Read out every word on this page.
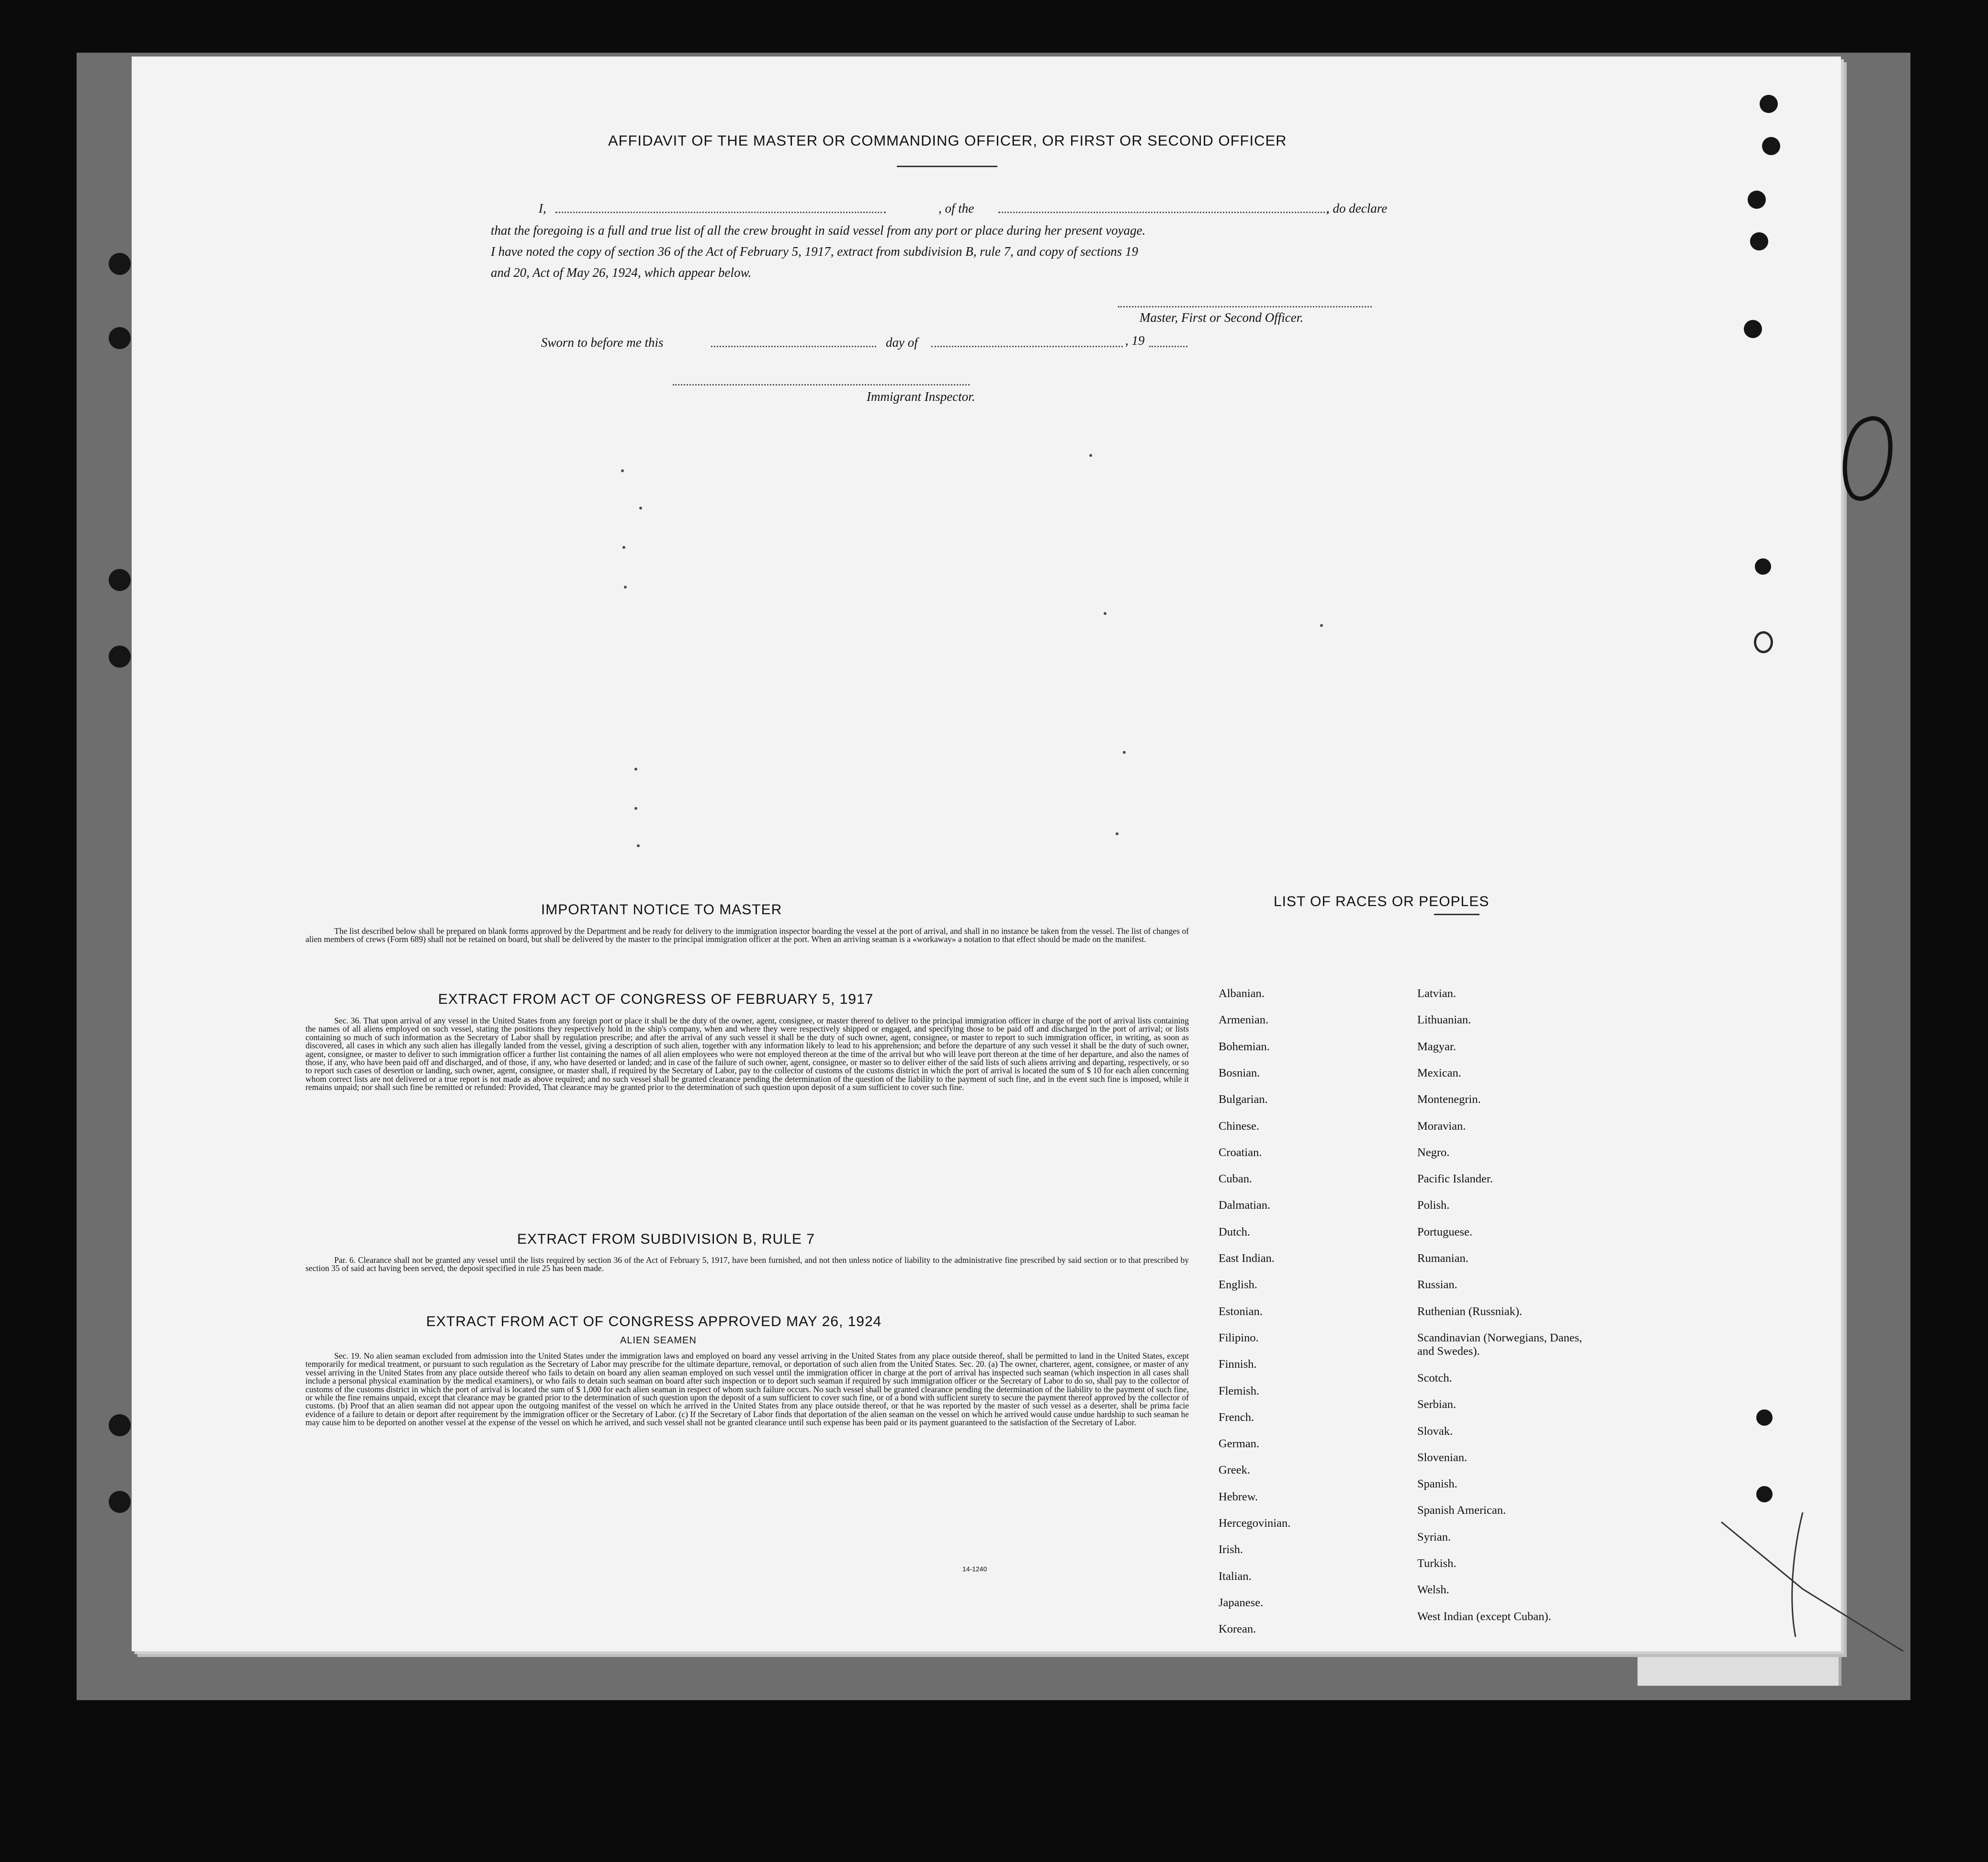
AFFIDAVIT OF THE MASTER OR COMMANDING OFFICER, OR FIRST OR SECOND OFFICER
I,	, of the	, do declare
that the foregoing is a full and true list of all the crew brought in said vessel from any port or place during her present voyage.
I have noted the copy of section 36 of the Act of February 5, 1917, extract from subdivision B, rule 7, and copy of sections 19
and 20, Act of May 26, 1924, which appear below.
Master, First or Second Officer.
Sworn to before me this	day of	, 19
Immigrant Inspector.
IMPORTANT NOTICE TO MASTER

The list described below shall be prepared on blank forms approved by the Department and be ready for delivery to the immigration inspector boarding the vessel at the port of arrival, and shall in no instance be taken from the vessel. The list of changes of alien members of crews (Form 689) shall not be retained on board, but shall be delivered by the master to the principal immigration officer at the port. When an arriving seaman is a «workaway» a notation to that effect should be made on the manifest.

EXTRACT FROM ACT OF CONGRESS OF FEBRUARY 5, 1917

Sec. 36. That upon arrival of any vessel in the United States from any foreign port or place it shall be the duty of the owner, agent, consignee, or master thereof to deliver to the principal immigration officer in charge of the port of arrival lists containing the names of all aliens employed on such vessel, stating the positions they respectively hold in the ship's company, when and where they were respectively shipped or engaged, and specifying those to be paid off and discharged in the port of arrival; or lists containing so much of such information as the Secretary of Labor shall by regulation prescribe; and after the arrival of any such vessel it shall be the duty of such owner, agent, consignee, or master to report to such immigration officer, in writing, as soon as discovered, all cases in which any such alien has illegally landed from the vessel, giving a description of such alien, together with any information likely to lead to his apprehension; and before the departure of any such vessel it shall be the duty of such owner, agent, consignee, or master to deliver to such immigration officer a further list containing the names of all alien employees who were not employed thereon at the time of the arrival but who will leave port thereon at the time of her departure, and also the names of those, if any, who have been paid off and discharged, and of those, if any, who have deserted or landed; and in case of the failure of such owner, agent, consignee, or master so to deliver either of the said lists of such aliens arriving and departing, respectively, or so to report such cases of desertion or landing, such owner, agent, consignee, or master shall, if required by the Secretary of Labor, pay to the collector of customs of the customs district in which the port of arrival is located the sum of $ 10 for each alien concerning whom correct lists are not delivered or a true report is not made as above required; and no such vessel shall be granted clearance pending the determination of the question of the liability to the payment of such fine, and in the event such fine is imposed, while it remains unpaid; nor shall such fine be remitted or refunded: Provided, That clearance may be granted prior to the determination of such question upon deposit of a sum sufficient to cover such fine.

EXTRACT FROM SUBDIVISION B, RULE 7

Par. 6. Clearance shall not be granted any vessel until the lists required by section 36 of the Act of February 5, 1917, have been furnished, and not then unless notice of liability to the administrative fine prescribed by said section or to that prescribed by section 35 of said act having been served, the deposit specified in rule 25 has been made.

EXTRACT FROM ACT OF CONGRESS APPROVED MAY 26, 1924
ALIEN SEAMEN

Sec. 19. No alien seaman excluded from admission into the United States under the immigration laws and employed on board any vessel arriving in the United States from any place outside thereof, shall be permitted to land in the United States, except temporarily for medical treatment, or pursuant to such regulation as the Secretary of Labor may prescribe for the ultimate departure, removal, or deportation of such alien from the United States. Sec. 20. (a) The owner, charterer, agent, consignee, or master of any vessel arriving in the United States from any place outside thereof who fails to detain on board any alien seaman employed on such vessel until the immigration officer in charge at the port of arrival has inspected such seaman (which inspection in all cases shall include a personal physical examination by the medical examiners), or who fails to detain such seaman on board after such inspection or to deport such seaman if required by such immigration officer or the Secretary of Labor to do so, shall pay to the collector of customs of the customs district in which the port of arrival is located the sum of $ 1,000 for each alien seaman in respect of whom such failure occurs. No such vessel shall be granted clearance pending the determination of the liability to the payment of such fine, or while the fine remains unpaid, except that clearance may be granted prior to the determination of such question upon the deposit of a sum sufficient to cover such fine, or of a bond with sufficient surety to secure the payment thereof approved by the collector of customs. (b) Proof that an alien seaman did not appear upon the outgoing manifest of the vessel on which he arrived in the United States from any place outside thereof, or that he was reported by the master of such vessel as a deserter, shall be prima facie evidence of a failure to detain or deport after requirement by the immigration officer or the Secretary of Labor. (c) If the Secretary of Labor finds that deportation of the alien seaman on the vessel on which he arrived would cause undue hardship to such seaman he may cause him to be deported on another vessel at the expense of the vessel on which he arrived, and such vessel shall not be granted clearance until such expense has been paid or its payment guaranteed to the satisfaction of the Secretary of Labor.

14-1240
LIST OF RACES OR PEOPLES
Albanian.
Armenian.
Bohemian.
Bosnian.
Bulgarian.
Chinese.
Croatian.
Cuban.
Dalmatian.
Dutch.
East Indian.
English.
Estonian.
Filipino.
Finnish.
Flemish.
French.
German.
Greek.
Hebrew.
Hercegovinian.
Irish.
Italian.
Japanese.
Korean.
Latvian.
Lithuanian.
Magyar.
Mexican.
Montenegrin.
Moravian.
Negro.
Pacific Islander.
Polish.
Portuguese.
Rumanian.
Russian.
Ruthenian (Russniak).
Scandinavian (Norwegians, Danes, and Swedes).
Scotch.
Serbian.
Slovak.
Slovenian.
Spanish.
Spanish American.
Syrian.
Turkish.
Welsh.
West Indian (except Cuban).
